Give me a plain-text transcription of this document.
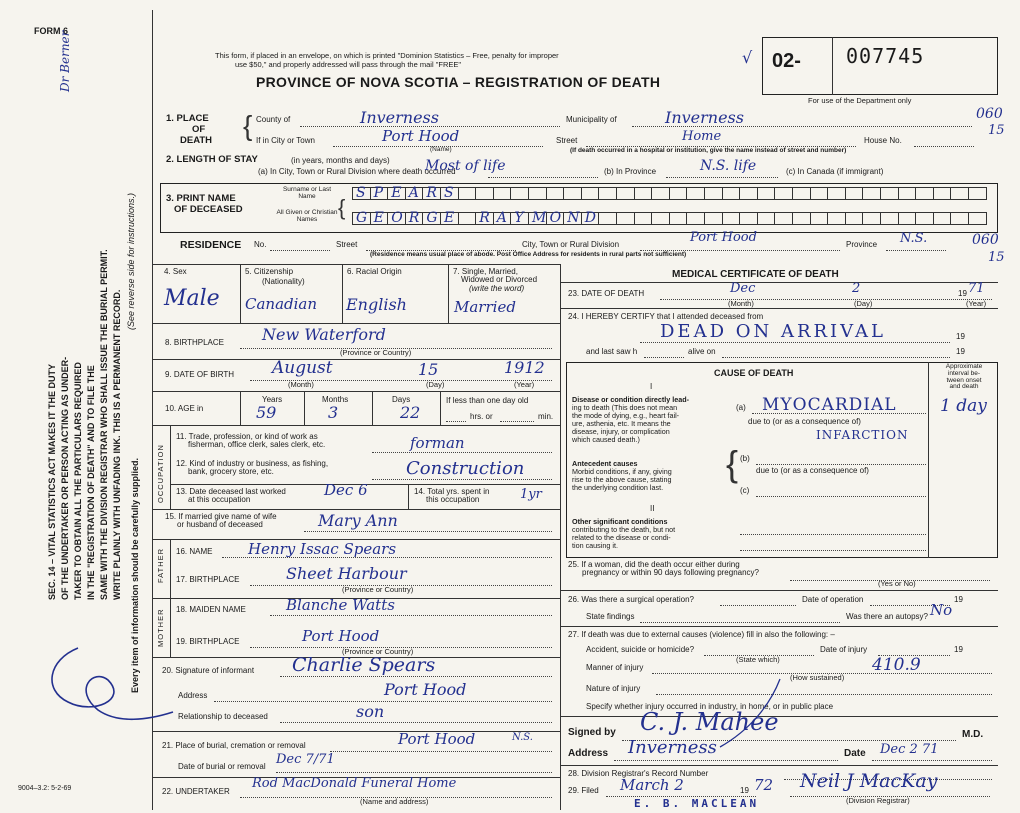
FORM 6
Dr Berner	This form, if placed in an envelope, on which is printed "Dominion Statistics – Free, penalty for improper
use $50," and properly addressed will pass through the mail "FREE"
PROVINCE OF NOVA SCOTIA – REGISTRATION OF DEATH
√ 02- 007745
For use of the Department only
060
15
SEC. 14 – VITAL STATISTICS ACT MAKES IT THE DUTY OF THE UNDERTAKER OR PERSON ACTING AS UNDER- TAKER TO OBTAIN ALL THE PARTICULARS REQUIRED IN THE "REGISTRATION OF DEATH" AND TO FILE THE SAME WITH THE DIVISION REGISTRAR WHO SHALL ISSUE THE BURIAL PERMIT. WRITE PLAINLY WITH UNFADING INK. THIS IS A PERMANENT RECORD.
(See reverse side for instructions.)
Every item of information should be carefully supplied.
9004–3.2: 5-2-69
1. PLACE
OF
DEATH { County of	Inverness	Municipality of	Inverness
If in City or Town	Port Hood
(Name)
Street	Home	House No.
(If death occurred in a hospital or institution, give the name instead of street and number)
2. LENGTH OF STAY	(in years, months and days)
(a) In City, Town or Rural Division where death occurred
Most of life	(b) In Province	N.S. life	(c) In Canada (if immigrant)
3. PRINT NAME
OF DECEASED
Surname or Last Name
All Given or Christian Names {
S P E A R S
G E O R G E R A Y M O N D
RESIDENCE No.	Street	City, Town or Rural Division	Port Hood	Province N.S.	060
15
(Residence means usual place of abode. Post Office Address for residents in rural parts not sufficient)
4. Sex
Male
5. Citizenship
(Nationality)
Canadian
6. Racial Origin
English
7. Single, Married,
Widowed or Divorced
(write the word)
Married
8. BIRTHPLACE New Waterford
(Province or Country)
9. DATE OF BIRTH August	15	1912
(Month)	(Day)	(Year)
10. AGE in
Years
59
Months
3
Days
22
If less than one day old
hrs. or	min.
OCCUPATION
11. Trade, profession, or kind of work as
fisherman, office clerk, sales clerk, etc.	forman
12. Kind of industry or business, as fishing,
bank, grocery store, etc.	Construction
13. Date deceased last worked
at this occupation
Dec 6	14. Total yrs. spent in
this occupation	1yr
15. If married give name of wife
or husband of deceased	Mary Ann
FATHER 16. NAME Henry Issac Spears
17. BIRTHPLACE	Sheet Harbour
(Province or Country)
MOTHER 18. MAIDEN NAME	Blanche Watts
19. BIRTHPLACE	Port Hood
(Province or Country)
20. Signature of informant Charlie Spears
Address	Port Hood
Relationship to deceased	son
21. Place of burial, cremation or removal	Port Hood	N.S.
Date of burial or removal Dec 7/71
22. UNDERTAKER
Rod MacDonald Funeral Home
(Name and address)
MEDICAL CERTIFICATE OF DEATH
23. DATE OF DEATH	Dec	2	19 71
(Month)	(Day)	(Year)
24. I HEREBY CERTIFY that I attended deceased from
DEAD ON ARRIVAL	19
and last saw h	alive on	19
CAUSE OF DEATH
Approximate
interval be-
tween onset
and death
I
Disease or condition directly lead-
ing to death (This does not mean
the mode of dying, e.g., heart fail-
ure, asthenia, etc. It means the
disease, injury, or complication
which caused death.)
(a) MYOCARDIAL
due to (or as a consequence of)
INFARCTION
1 day
Antecedent causes
Morbid conditions, if any, giving
rise to the above cause, stating
the underlying condition last.
{ (b)
due to (or as a consequence of)
(c)
II
Other significant conditions
contributing to the death, but not
related to the disease or condi-
tion causing it.
25. If a woman, did the death occur either during
pregnancy or within 90 days following pregnancy?
(Yes or No)
26. Was there a surgical operation?	Date of operation	19
State findings	Was there an autopsy? No
27. If death was due to external causes (violence) fill in also the following: –
Accident, suicide or homicide?
(State which)
Date of injury	19
Manner of injury	410.9
(How sustained)
Nature of injury
Specify whether injury occurred in industry, in home, or in public place
Signed by C. J. Mahee	M.D.
Address Inverness	Date Dec 2 71
28. Division Registrar's Record Number
29. Filed March 2	19 72 Neil J MacKay
(Division Registrar)
E. B. MACLEAN
